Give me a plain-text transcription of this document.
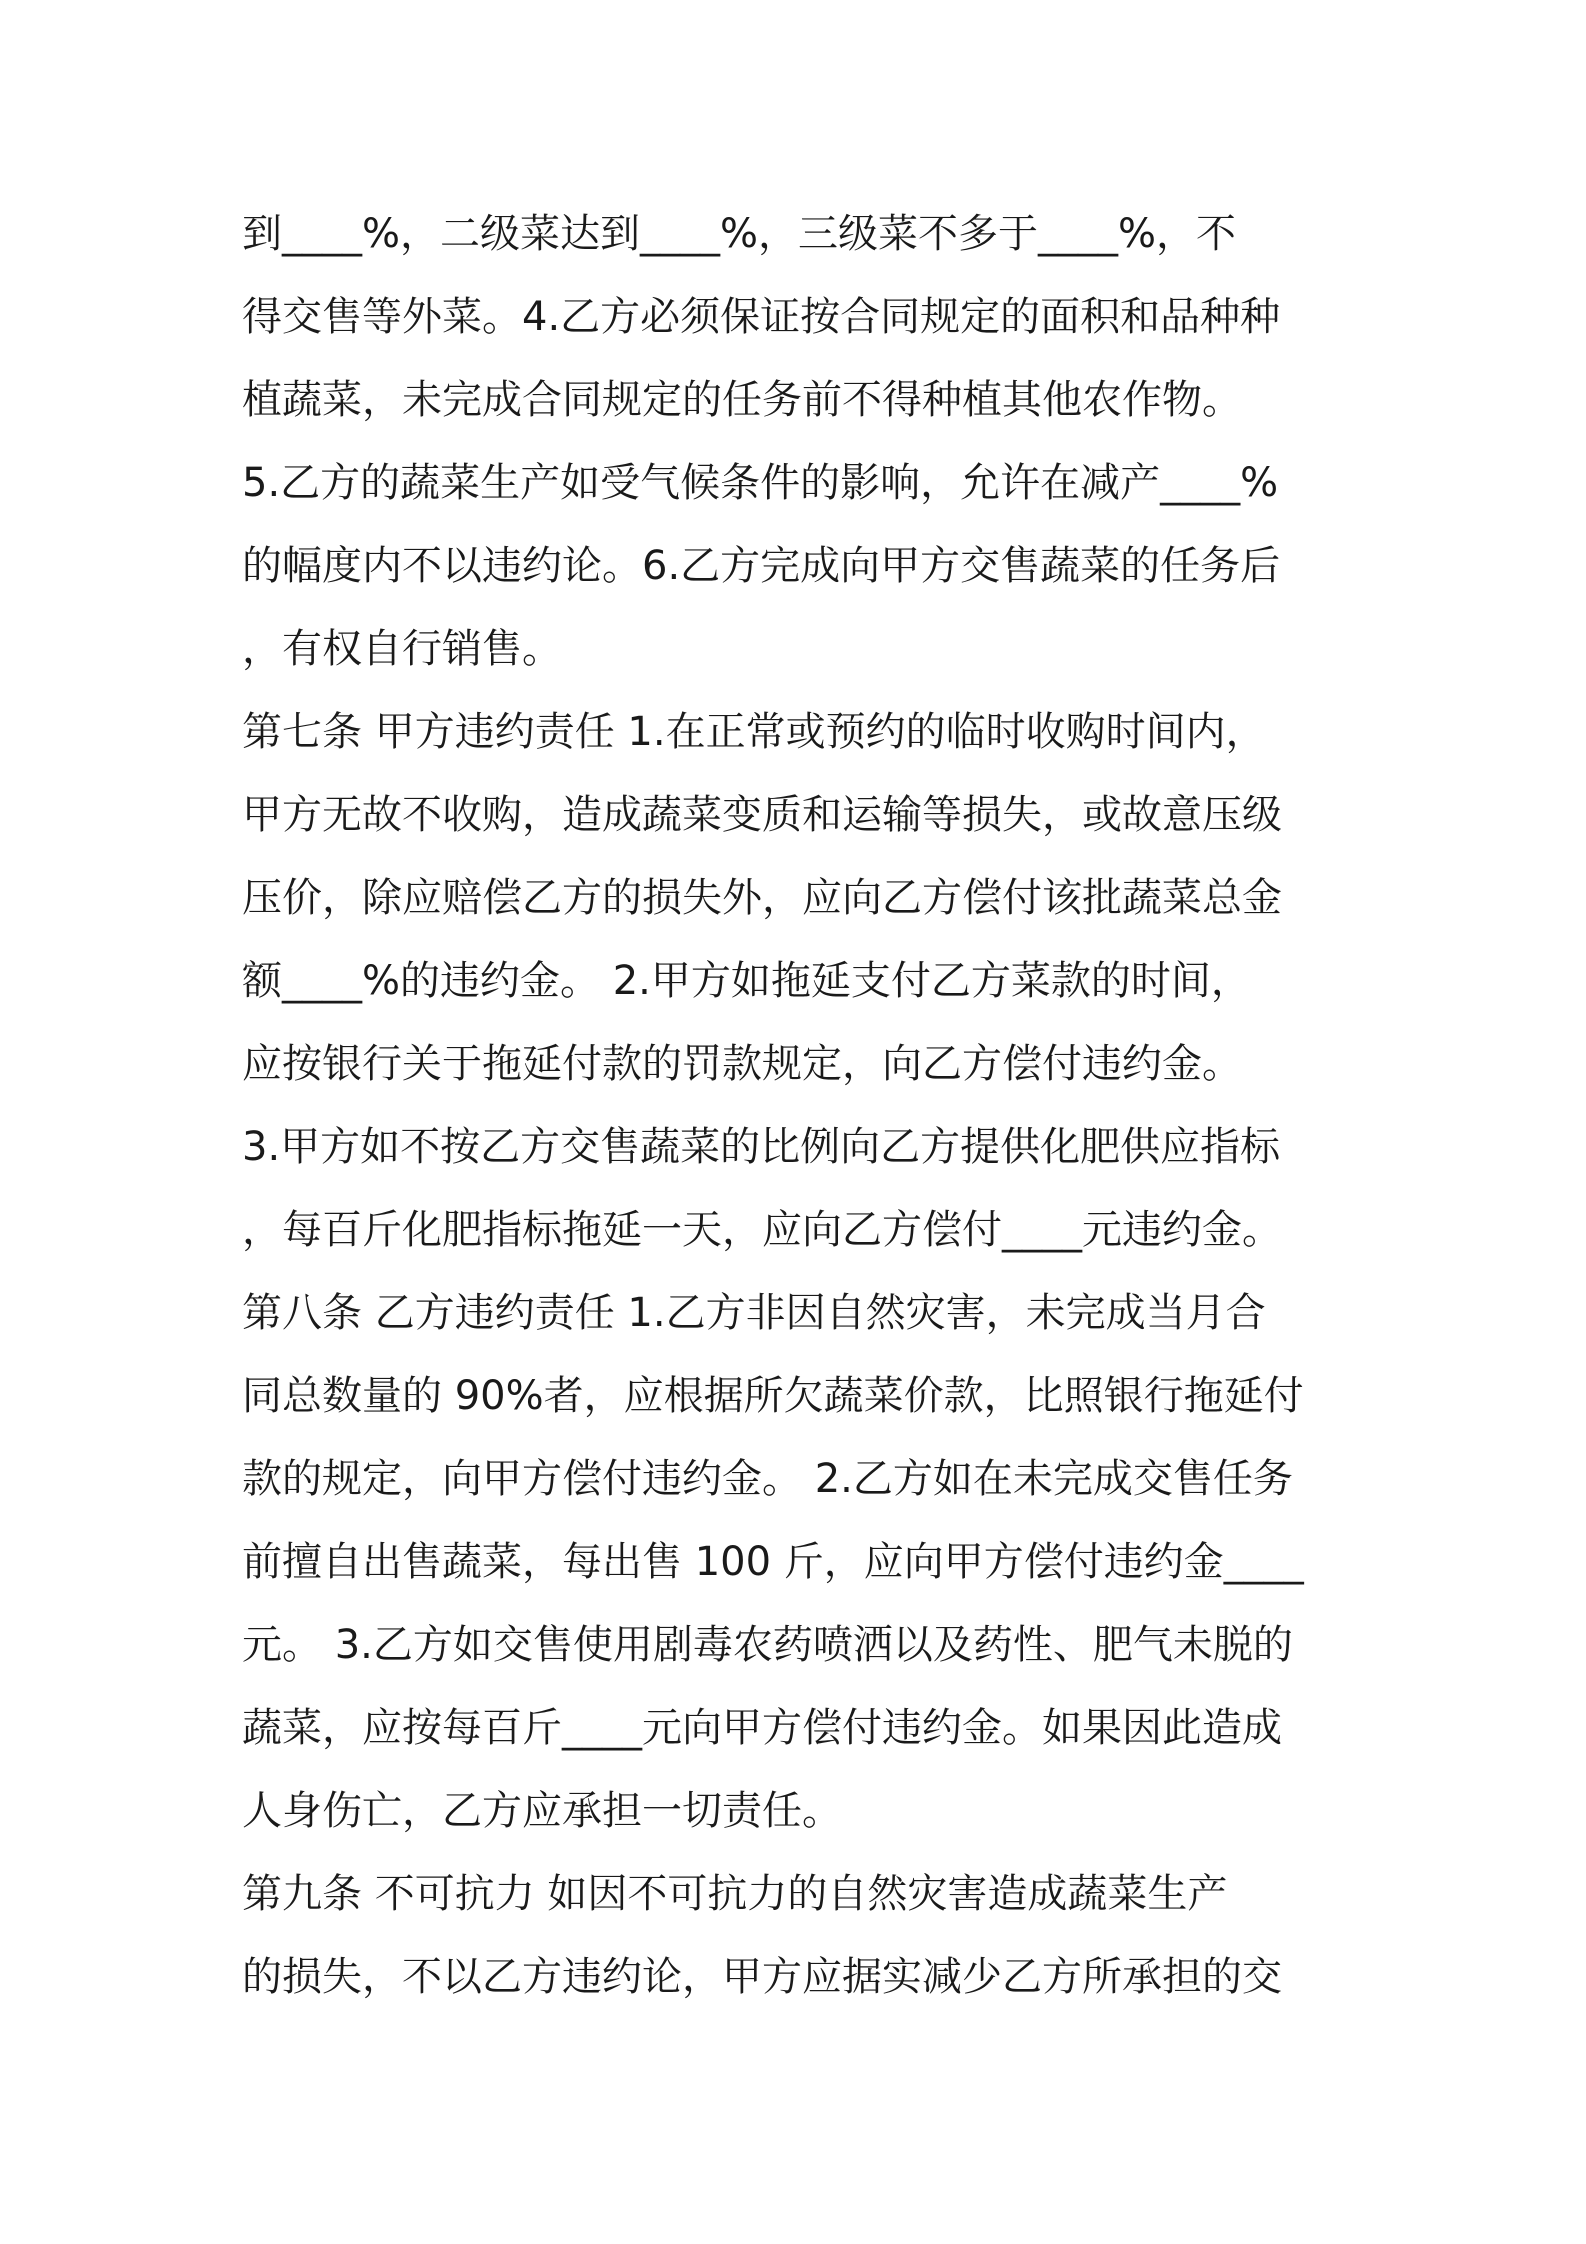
到____%，二级菜达到____%，三级菜不多于____%，不
得交售等外菜。4.乙方必须保证按合同规定的面积和品种种
植蔬菜，未完成合同规定的任务前不得种植其他农作物。
5.乙方的蔬菜生产如受气候条件的影响，允许在减产____%
的幅度内不以违约论。6.乙方完成向甲方交售蔬菜的任务后
，有权自行销售。
第七条 甲方违约责任 1.在正常或预约的临时收购时间内，
甲方无故不收购，造成蔬菜变质和运输等损失，或故意压级
压价，除应赔偿乙方的损失外，应向乙方偿付该批蔬菜总金
额____%的违约金。 2.甲方如拖延支付乙方菜款的时间，
应按银行关于拖延付款的罚款规定，向乙方偿付违约金。
3.甲方如不按乙方交售蔬菜的比例向乙方提供化肥供应指标
，每百斤化肥指标拖延一天，应向乙方偿付____元违约金。
第八条 乙方违约责任 1.乙方非因自然灾害，未完成当月合
同总数量的 90%者，应根据所欠蔬菜价款，比照银行拖延付
款的规定，向甲方偿付违约金。 2.乙方如在未完成交售任务
前擅自出售蔬菜，每出售 100 斤，应向甲方偿付违约金____
元。 3.乙方如交售使用剧毒农药喷洒以及药性、肥气未脱的
蔬菜，应按每百斤____元向甲方偿付违约金。如果因此造成
人身伤亡，乙方应承担一切责任。
第九条 不可抗力 如因不可抗力的自然灾害造成蔬菜生产
的损失，不以乙方违约论，甲方应据实减少乙方所承担的交
